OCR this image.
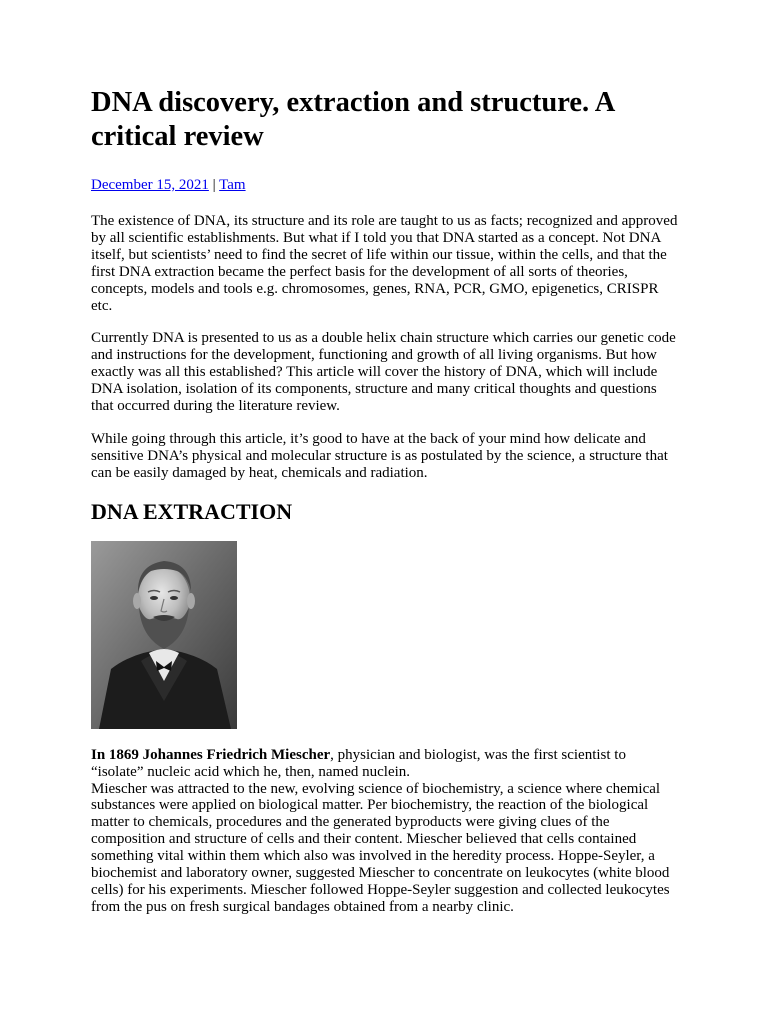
DNA discovery, extraction and structure. A critical review
December 15, 2021 | Tam

The existence of DNA, its structure and its role are taught to us as facts; recognized and approved by all scientific establishments. But what if I told you that DNA started as a concept. Not DNA itself, but scientists’ need to find the secret of life within our tissue, within the cells, and that the first DNA extraction became the perfect basis for the development of all sorts of theories, concepts, models and tools e.g. chromosomes, genes, RNA, PCR, GMO, epigenetics, CRISPR etc.

Currently DNA is presented to us as a double helix chain structure which carries our genetic code and instructions for the development, functioning and growth of all living organisms. But how exactly was all this established? This article will cover the history of DNA, which will include DNA isolation, isolation of its components, structure and many critical thoughts and questions that occurred during the literature review.

While going through this article, it’s good to have at the back of your mind how delicate and sensitive DNA’s physical and molecular structure is as postulated by the science, a structure that can be easily damaged by heat, chemicals and radiation.

DNA EXTRACTION

In 1869 Johannes Friedrich Miescher, physician and biologist, was the first scientist to “isolate” nucleic acid which he, then, named nuclein.
Miescher was attracted to the new, evolving science of biochemistry, a science where chemical substances were applied on biological matter. Per biochemistry, the reaction of the biological matter to chemicals, procedures and the generated byproducts were giving clues of the composition and structure of cells and their content. Miescher believed that cells contained something vital within them which also was involved in the heredity process. Hoppe-Seyler, a biochemist and laboratory owner, suggested Miescher to concentrate on leukocytes (white blood cells) for his experiments. Miescher followed Hoppe-Seyler suggestion and collected leukocytes from the pus on fresh surgical bandages obtained from a nearby clinic.
